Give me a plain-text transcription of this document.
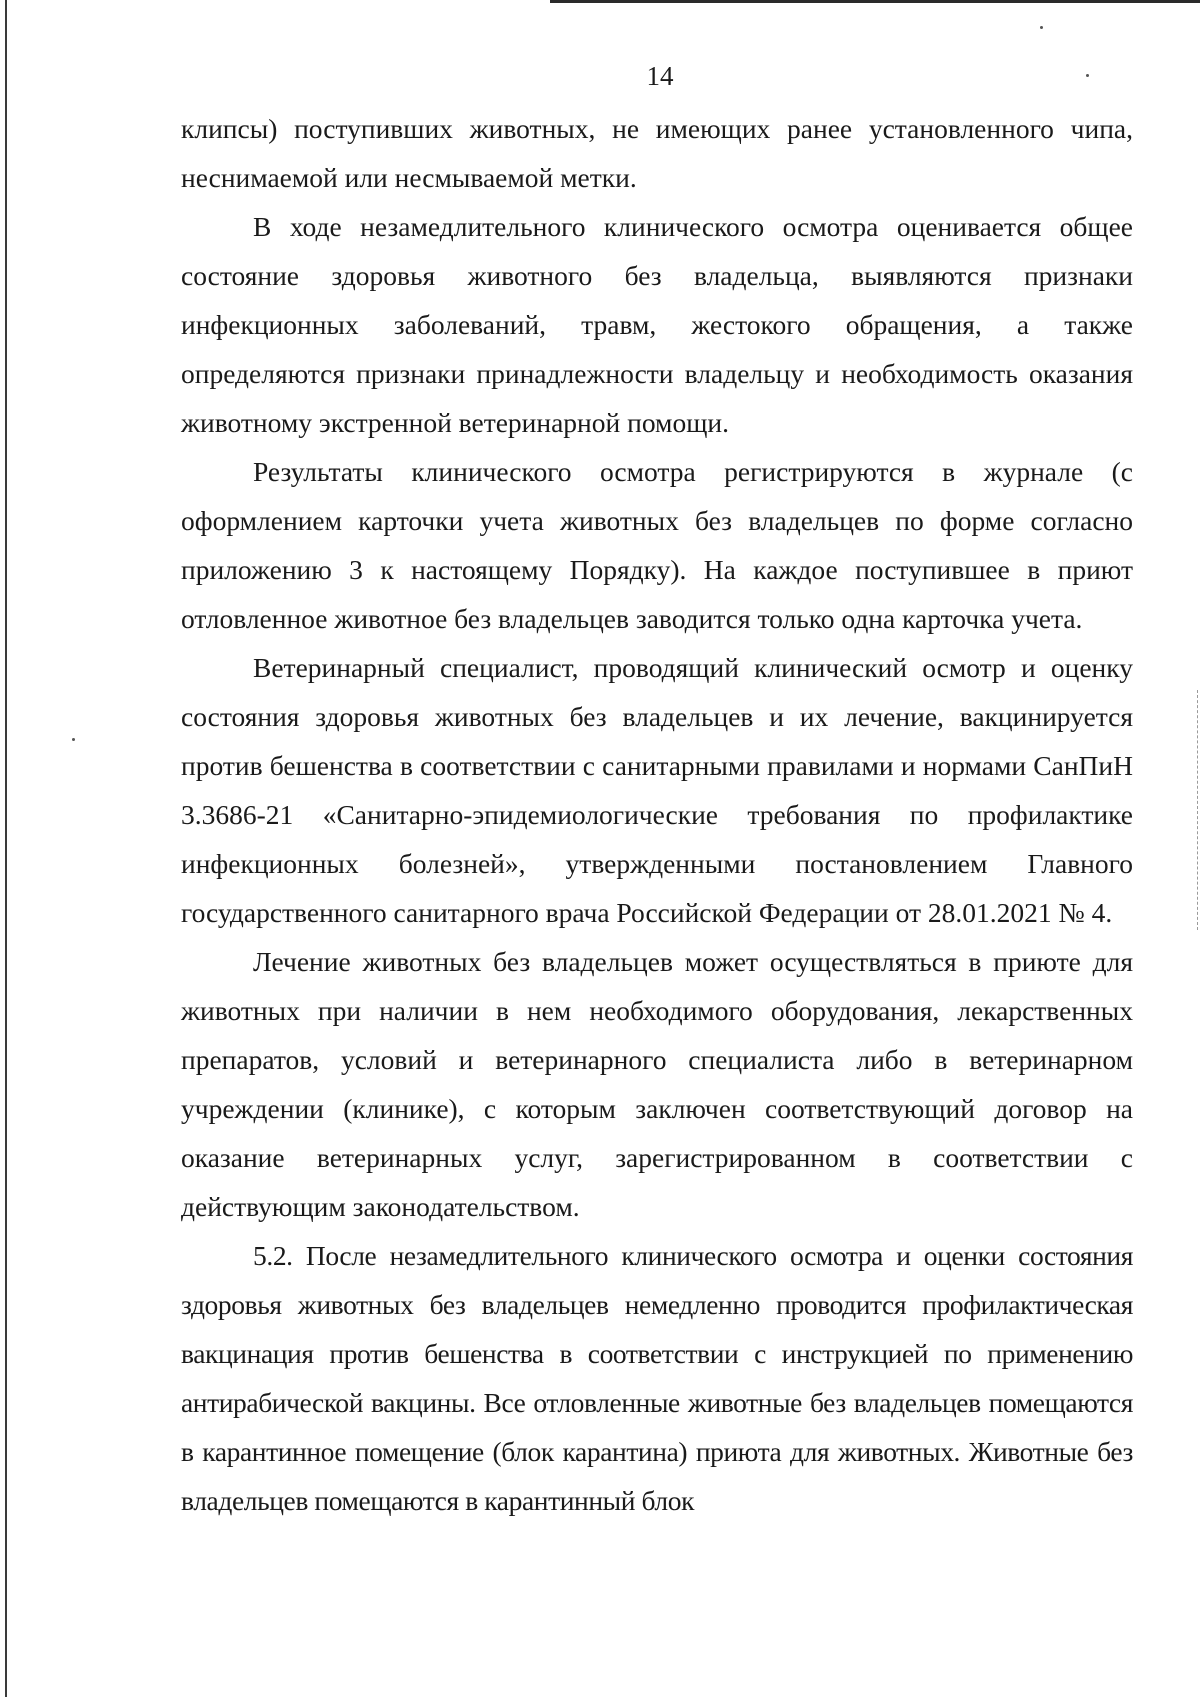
14

клипсы) поступивших животных, не имеющих ранее установленного чипа, неснимаемой или несмываемой метки.

В ходе незамедлительного клинического осмотра оценивается общее состояние здоровья животного без владельца, выявляются признаки инфекционных заболеваний, травм, жестокого обращения, а также определяются признаки принадлежности владельцу и необходимость оказания животному экстренной ветеринарной помощи.

Результаты клинического осмотра регистрируются в журнале (с оформлением карточки учета животных без владельцев по форме согласно приложению 3 к настоящему Порядку). На каждое поступившее в приют отловленное животное без владельцев заводится только одна карточка учета.

Ветеринарный специалист, проводящий клинический осмотр и оценку состояния здоровья животных без владельцев и их лечение, вакцинируется против бешенства в соответствии с санитарными правилами и нормами СанПиН 3.3686-21 «Санитарно-эпидемиологические требования по профилактике инфекционных болезней», утвержденными постановлением Главного государственного санитарного врача Российской Федерации от 28.01.2021 № 4.

Лечение животных без владельцев может осуществляться в приюте для животных при наличии в нем необходимого оборудования, лекарственных препаратов, условий и ветеринарного специалиста либо в ветеринарном учреждении (клинике), с которым заключен соответствующий договор на оказание ветеринарных услуг, зарегистрированном в соответствии с действующим законодательством.

5.2. После незамедлительного клинического осмотра и оценки состояния здоровья животных без владельцев немедленно проводится профилактическая вакцинация против бешенства в соответствии с инструкцией по применению антирабической вакцины. Все отловленные животные без владельцев помещаются в карантинное помещение (блок карантина) приюта для животных. Животные без владельцев помещаются в карантинный блок
